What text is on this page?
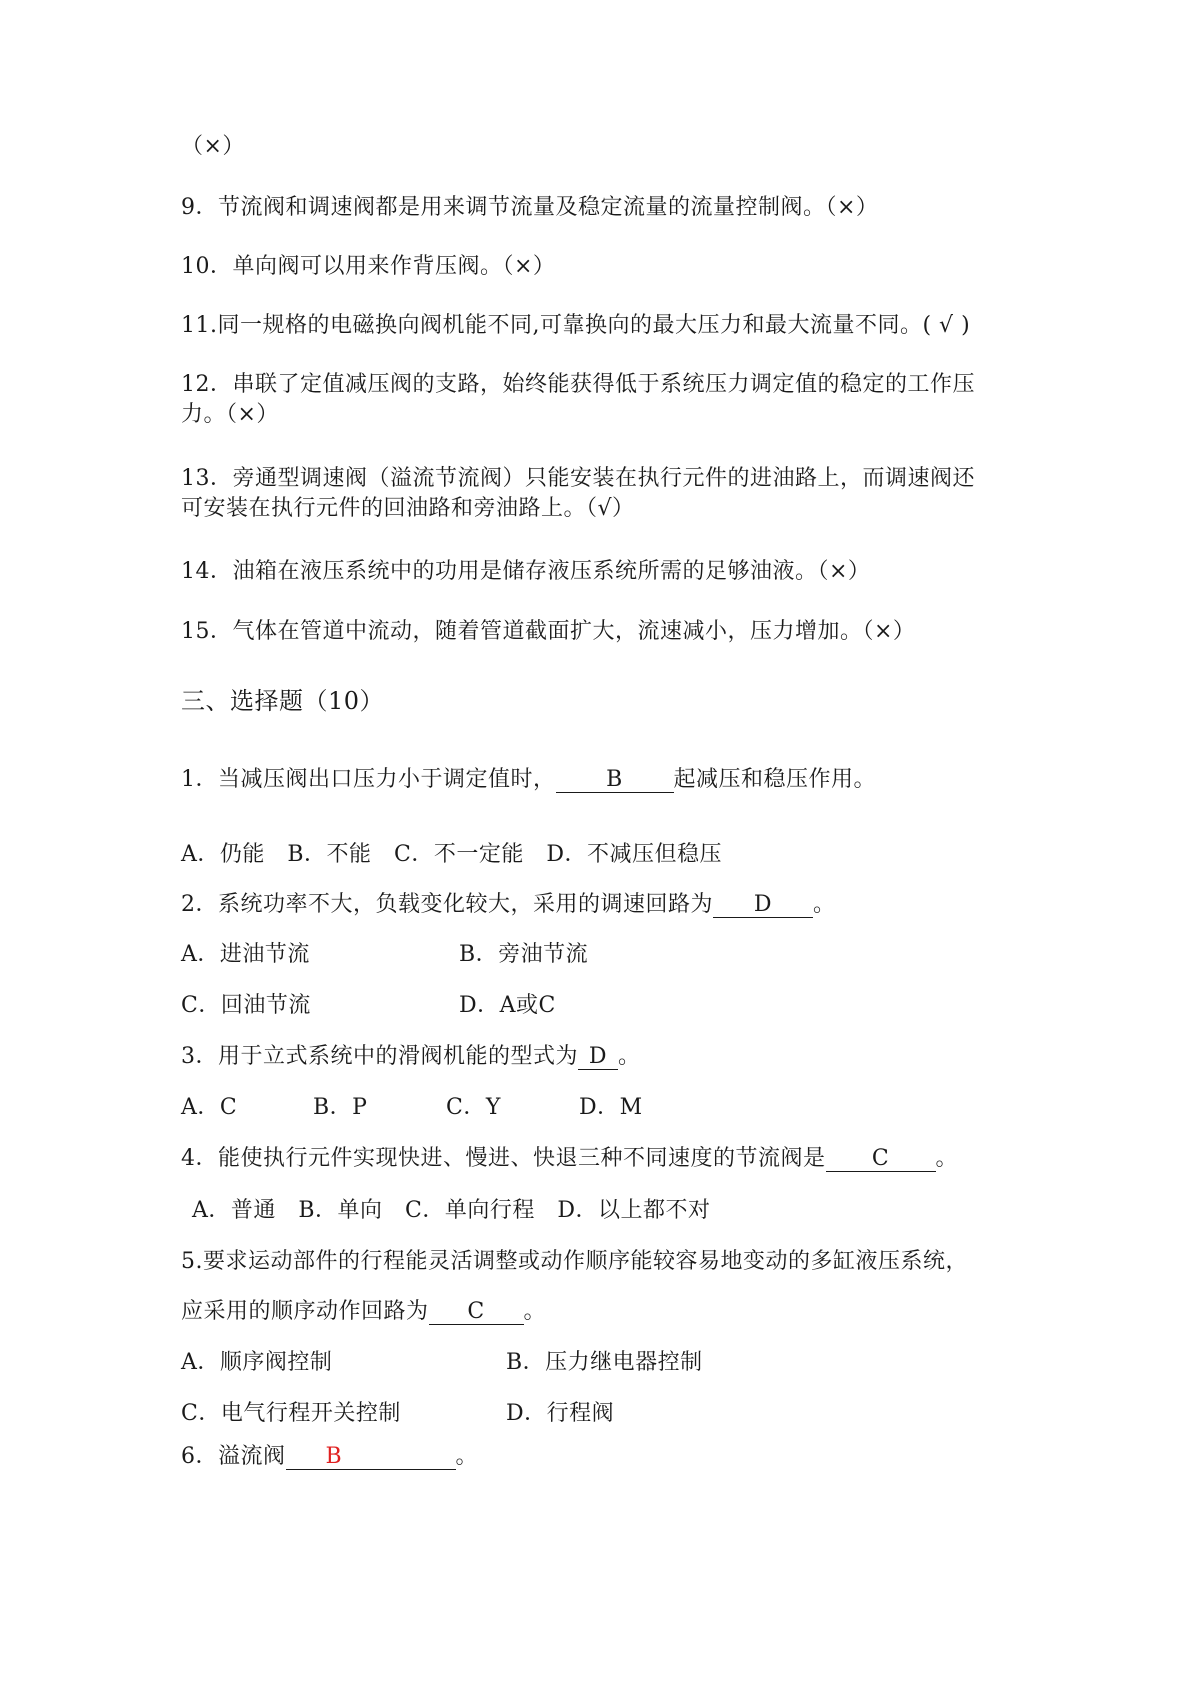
（×）
9．节流阀和调速阀都是用来调节流量及稳定流量的流量控制阀。（×）
10．单向阀可以用来作背压阀。（×）
11.同一规格的电磁换向阀机能不同,可靠换向的最大压力和最大流量不同。( √ )
12．串联了定值减压阀的支路，始终能获得低于系统压力调定值的稳定的工作压
力。（×）
13．旁通型调速阀（溢流节流阀）只能安装在执行元件的进油路上，而调速阀还
可安装在执行元件的回油路和旁油路上。（√）
14．油箱在液压系统中的功用是储存液压系统所需的足够油液。（×）
15．气体在管道中流动，随着管道截面扩大，流速减小，压力增加。（×）
三、选择题（10）
1．当减压阀出口压力小于调定值时， B 起减压和稳压作用。
A．仍能　B．不能　C．不一定能　D．不减压但稳压
2．系统功率不大，负载变化较大，采用的调速回路为 D 。
A．进油节流	B．旁油节流
C．回油节流	D．A或C
3．用于立式系统中的滑阀机能的型式为 D 。
A．C	B．P	C．Y	D．M
4．能使执行元件实现快进、慢进、快退三种不同速度的节流阀是 C 。
A．普通　B．单向　C．单向行程　D．以上都不对
5.要求运动部件的行程能灵活调整或动作顺序能较容易地变动的多缸液压系统，
应采用的顺序动作回路为 C 。
A．顺序阀控制	B．压力继电器控制
C．电气行程开关控制	D．行程阀
6．溢流阀 B	。
